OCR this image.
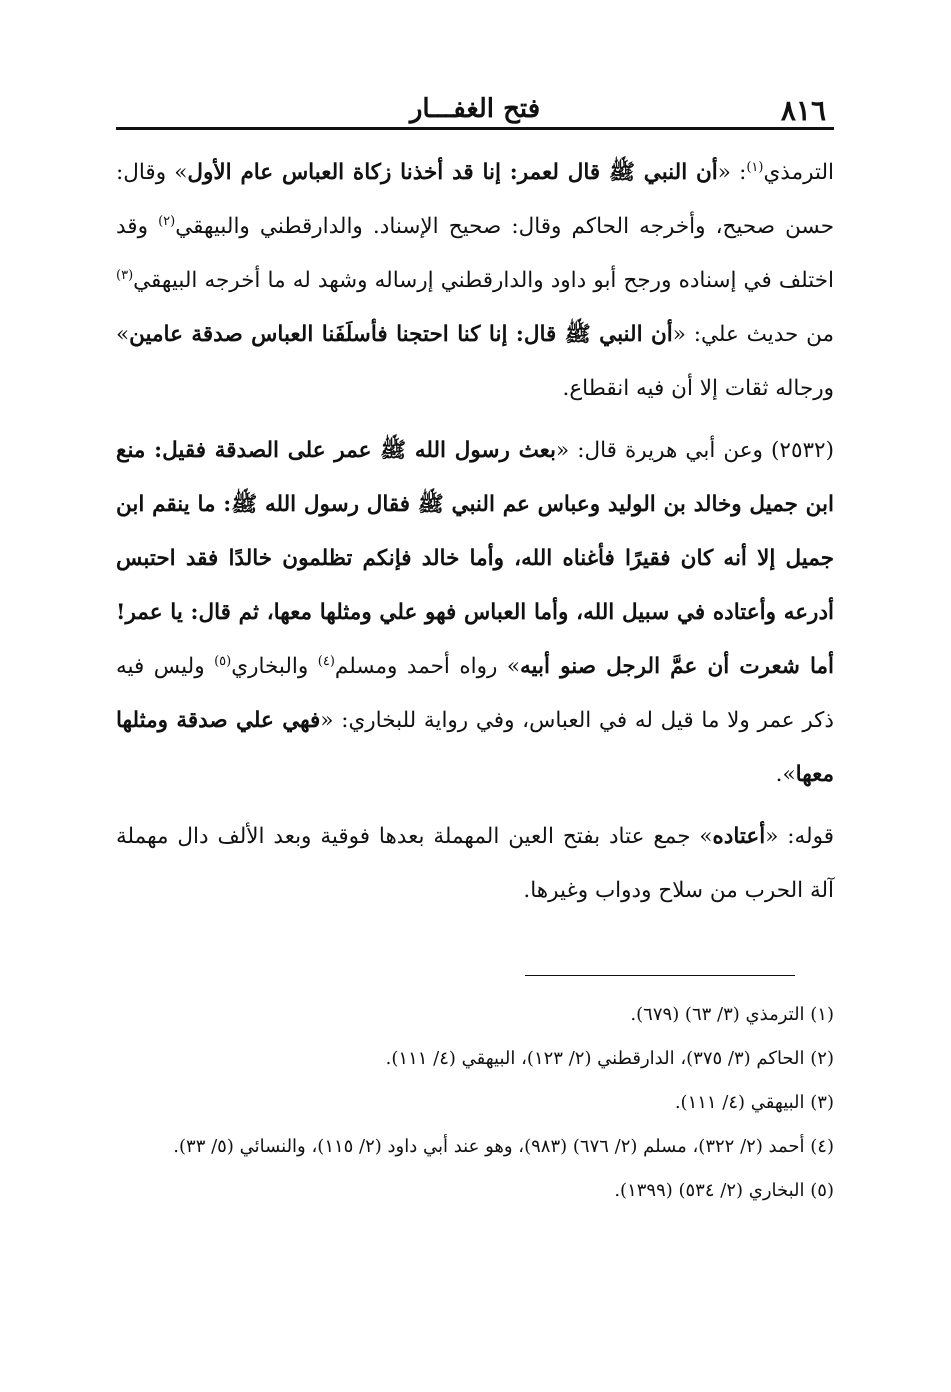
٨١٦
فتح الغفـــار

الترمذي$^{(١)}$: «أن النبي ﷺ قال لعمر: إنا قد أخذنا زكاة العباس عام الأول» وقال: حسن صحيح، وأخرجه الحاكم وقال: صحيح الإسناد. والدارقطني والبيهقي$^{(٢)}$ وقد اختلف في إسناده ورجح أبو داود والدارقطني إرساله وشهد له ما أخرجه البيهقي$^{(٣)}$ من حديث علي: «أن النبي ﷺ قال: إنا كنا احتجنا فأسلَفَنا العباس صدقة عامين» ورجاله ثقات إلا أن فيه انقطاع.

(٢٥٣٢) وعن أبي هريرة قال: «بعث رسول الله ﷺ عمر على الصدقة فقيل: منع ابن جميل وخالد بن الوليد وعباس عم النبي ﷺ فقال رسول الله ﷺ: ما ينقم ابن جميل إلا أنه كان فقيرًا فأغناه الله، وأما خالد فإنكم تظلمون خالدًا فقد احتبس أدرعه وأعتاده في سبيل الله، وأما العباس فهو علي ومثلها معها، ثم قال: يا عمر! أما شعرت أن عمَّ الرجل صنو أبيه» رواه أحمد ومسلم$^{(٤)}$ والبخاري$^{(٥)}$ وليس فيه ذكر عمر ولا ما قيل له في العباس، وفي رواية للبخاري: «فهي علي صدقة ومثلها معها».

قوله: «أعتاده» جمع عتاد بفتح العين المهملة بعدها فوقية وبعد الألف دال مهملة آلة الحرب من سلاح ودواب وغيرها.

(١) الترمذي (٣/ ٦٣) (٦٧٩).

(٢) الحاكم (٣/ ٣٧٥)، الدارقطني (٢/ ١٢٣)، البيهقي (٤/ ١١١).

(٣) البيهقي (٤/ ١١١).

(٤) أحمد (٢/ ٣٢٢)، مسلم (٢/ ٦٧٦) (٩٨٣)، وهو عند أبي داود (٢/ ١١٥)، والنسائي (٥/ ٣٣).

(٥) البخاري (٢/ ٥٣٤) (١٣٩٩).
